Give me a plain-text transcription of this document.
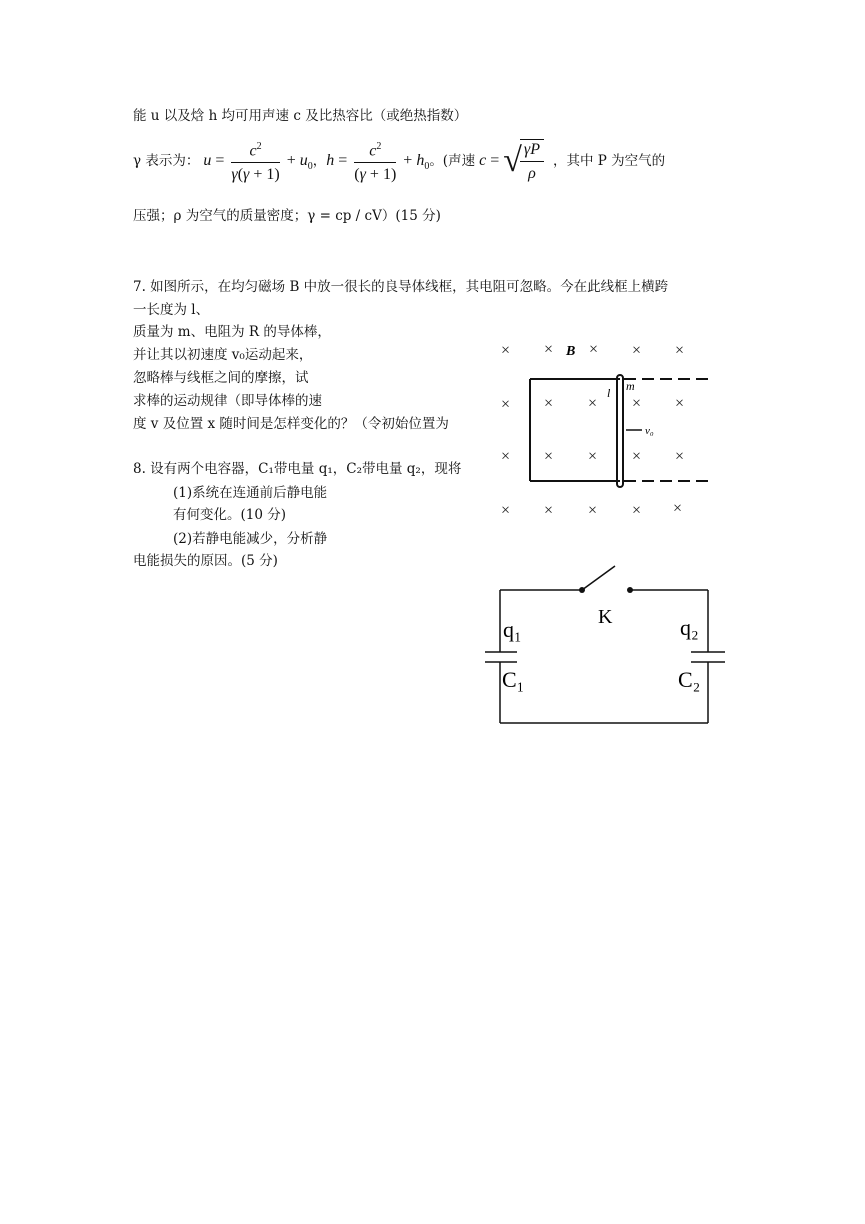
能 u 以及焓 h 均可用声速 c 及比热容比（或绝热指数）
γ 表示为： $u = \frac{c^2}{\gamma(\gamma + 1)} + u_0$ ， $h = \frac{c^2}{(\gamma + 1)} + h_0$ 。(声速 c = √
$\frac{\gamma P}{\rho}$ ，其中 P 为空气的
压强；ρ 为空气的质量密度；γ = cp / cV）(15 分)
7. 如图所示，在均匀磁场 B 中放一很长的良导体线框，其电阻可忽略。今在此线框上横跨
一长度为 l、
质量为 m、电阻为 R 的导体棒，
并让其以初速度 v₀运动起来，
忽略棒与线框之间的摩擦，试
求棒的运动规律（即导体棒的速
度 v 及位置 x 随时间是怎样变化的？（令初始位置为
8. 设有两个电容器，C₁带电量 q₁，C₂带电量 q₂，现将
(1)系统在连通前后静电能
有何变化。(10 分)
(2)若静电能减少，分析静
电能损失的原因。(5 分)
× × × × ×
× × × × ×
× × × × ×
× × × × ×
B
l m
v₀
K
q₁	q₂
C₁	C₂
